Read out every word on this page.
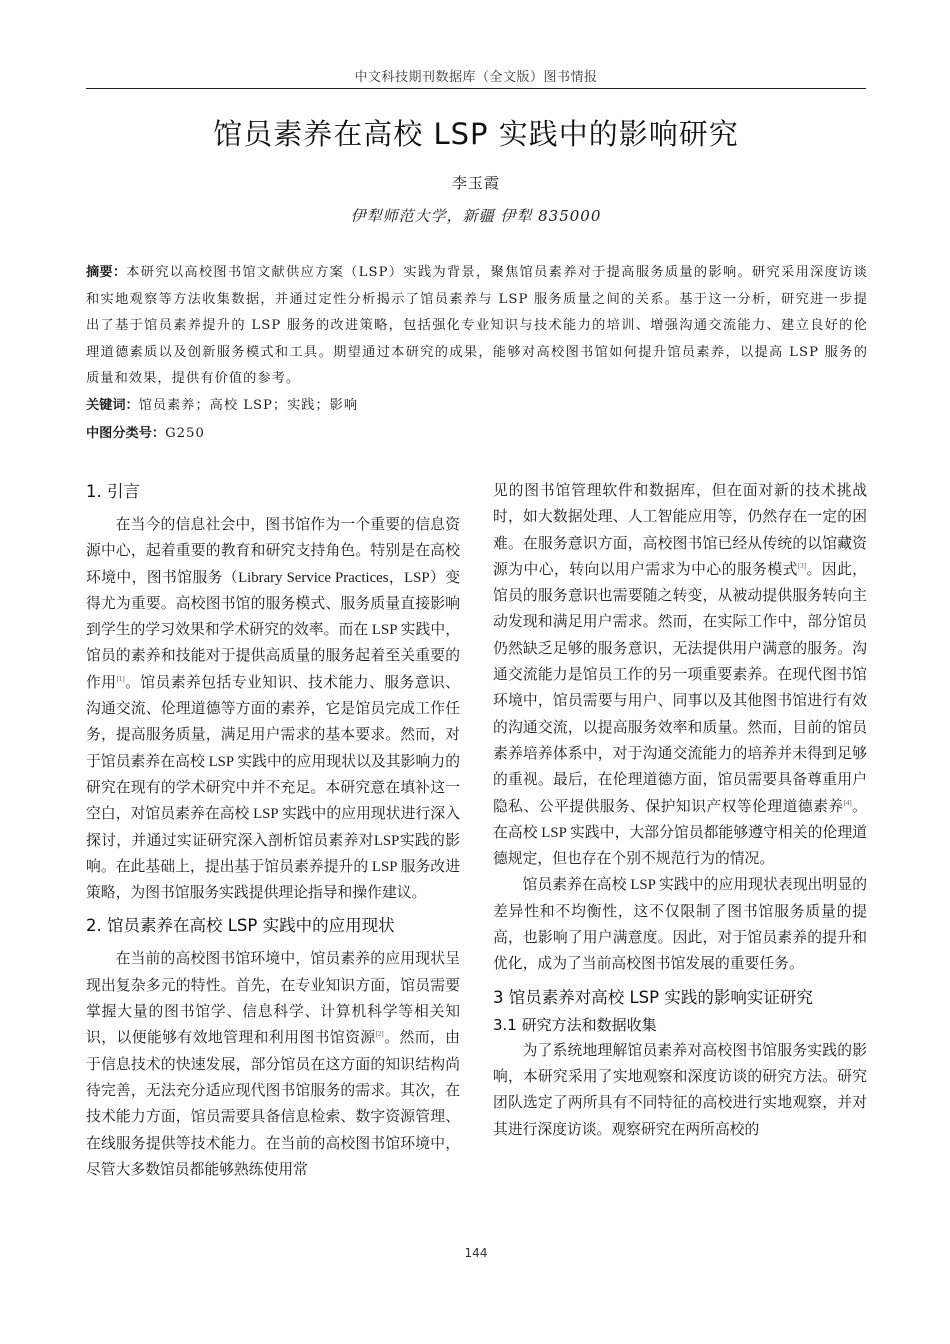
中文科技期刊数据库（全文版）图书情报
馆员素养在高校 LSP 实践中的影响研究
李玉霞
伊犁师范大学，新疆 伊犁 835000
摘要：本研究以高校图书馆文献供应方案（LSP）实践为背景，聚焦馆员素养对于提高服务质量的影响。研究采用深度访谈和实地观察等方法收集数据，并通过定性分析揭示了馆员素养与 LSP 服务质量之间的关系。基于这一分析，研究进一步提出了基于馆员素养提升的 LSP 服务的改进策略，包括强化专业知识与技术能力的培训、增强沟通交流能力、建立良好的伦理道德素质以及创新服务模式和工具。期望通过本研究的成果，能够对高校图书馆如何提升馆员素养，以提高 LSP 服务的质量和效果，提供有价值的参考。
关键词：馆员素养；高校 LSP；实践；影响
中图分类号：G250
1. 引言

在当今的信息社会中，图书馆作为一个重要的信息资源中心，起着重要的教育和研究支持角色。特别是在高校环境中，图书馆服务（Library Service Practices，LSP）变得尤为重要。高校图书馆的服务模式、服务质量直接影响到学生的学习效果和学术研究的效率。而在 LSP 实践中，馆员的素养和技能对于提供高质量的服务起着至关重要的作用[1]。馆员素养包括专业知识、技术能力、服务意识、沟通交流、伦理道德等方面的素养，它是馆员完成工作任务，提高服务质量，满足用户需求的基本要求。然而，对于馆员素养在高校 LSP 实践中的应用现状以及其影响力的研究在现有的学术研究中并不充足。本研究意在填补这一空白，对馆员素养在高校 LSP 实践中的应用现状进行深入探讨，并通过实证研究深入剖析馆员素养对LSP实践的影响。在此基础上，提出基于馆员素养提升的 LSP 服务改进策略，为图书馆服务实践提供理论指导和操作建议。

2. 馆员素养在高校 LSP 实践中的应用现状

在当前的高校图书馆环境中，馆员素养的应用现状呈现出复杂多元的特性。首先，在专业知识方面，馆员需要掌握大量的图书馆学、信息科学、计算机科学等相关知识，以便能够有效地管理和利用图书馆资源[2]。然而，由于信息技术的快速发展，部分馆员在这方面的知识结构尚待完善，无法充分适应现代图书馆服务的需求。其次，在技术能力方面，馆员需要具备信息检索、数字资源管理、在线服务提供等技术能力。在当前的高校图书馆环境中，尽管大多数馆员都能够熟练使用常

见的图书馆管理软件和数据库，但在面对新的技术挑战时，如大数据处理、人工智能应用等，仍然存在一定的困难。在服务意识方面，高校图书馆已经从传统的以馆藏资源为中心，转向以用户需求为中心的服务模式[3]。因此，馆员的服务意识也需要随之转变，从被动提供服务转向主动发现和满足用户需求。然而，在实际工作中，部分馆员仍然缺乏足够的服务意识，无法提供用户满意的服务。沟通交流能力是馆员工作的另一项重要素养。在现代图书馆环境中，馆员需要与用户、同事以及其他图书馆进行有效的沟通交流，以提高服务效率和质量。然而，目前的馆员素养培养体系中，对于沟通交流能力的培养并未得到足够的重视。最后，在伦理道德方面，馆员需要具备尊重用户隐私、公平提供服务、保护知识产权等伦理道德素养[4]。在高校 LSP 实践中，大部分馆员都能够遵守相关的伦理道德规定，但也存在个别不规范行为的情况。

馆员素养在高校 LSP 实践中的应用现状表现出明显的差异性和不均衡性，这不仅限制了图书馆服务质量的提高，也影响了用户满意度。因此，对于馆员素养的提升和优化，成为了当前高校图书馆发展的重要任务。

3 馆员素养对高校 LSP 实践的影响实证研究
3.1 研究方法和数据收集

为了系统地理解馆员素养对高校图书馆服务实践的影响，本研究采用了实地观察和深度访谈的研究方法。研究团队选定了两所具有不同特征的高校进行实地观察，并对其进行深度访谈。观察研究在两所高校的

144
